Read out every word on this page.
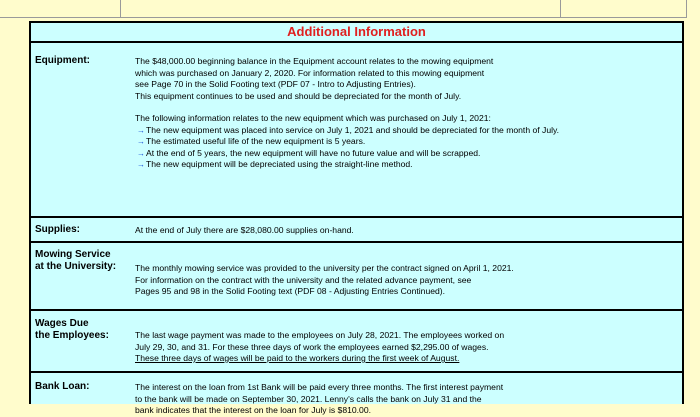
Additional Information
Equipment:	The $48,000.00 beginning balance in the Equipment account relates to the mowing equipment

which was purchased on January 2, 2020. For information related to this mowing equipment

see Page 70 in the Solid Footing text (PDF 07 - Intro to Adjusting Entries).

This equipment continues to be used and should be depreciated for the month of July.

The following information relates to the new equipment which was purchased on July 1, 2021:

→The new equipment was placed into service on July 1, 2021 and should be depreciated for the month of July.
→The estimated useful life of the new equipment is 5 years.
→At the end of 5 years, the new equipment will have no future value and will be scrapped.
→The new equipment will be depreciated using the straight-line method.
Supplies:	At the end of July there are $28,080.00 supplies on-hand.

Mowing Service
at the University: The monthly mowing service was provided to the university per the contract signed on April 1, 2021.

For information on the contract with the university and the related advance payment, see

Pages 95 and 98 in the Solid Footing text (PDF 08 - Adjusting Entries Continued).

Wages Due
the Employees:	The last wage payment was made to the employees on July 28, 2021. The employees worked on

July 29, 30, and 31. For these three days of work the employees earned $2,295.00 of wages.

These three days of wages will be paid to the workers during the first week of August.

Bank Loan:	The interest on the loan from 1st Bank will be paid every three months. The first interest payment

to the bank will be made on September 30, 2021. Lenny's calls the bank on July 31 and the

bank indicates that the interest on the loan for July is $810.00.
